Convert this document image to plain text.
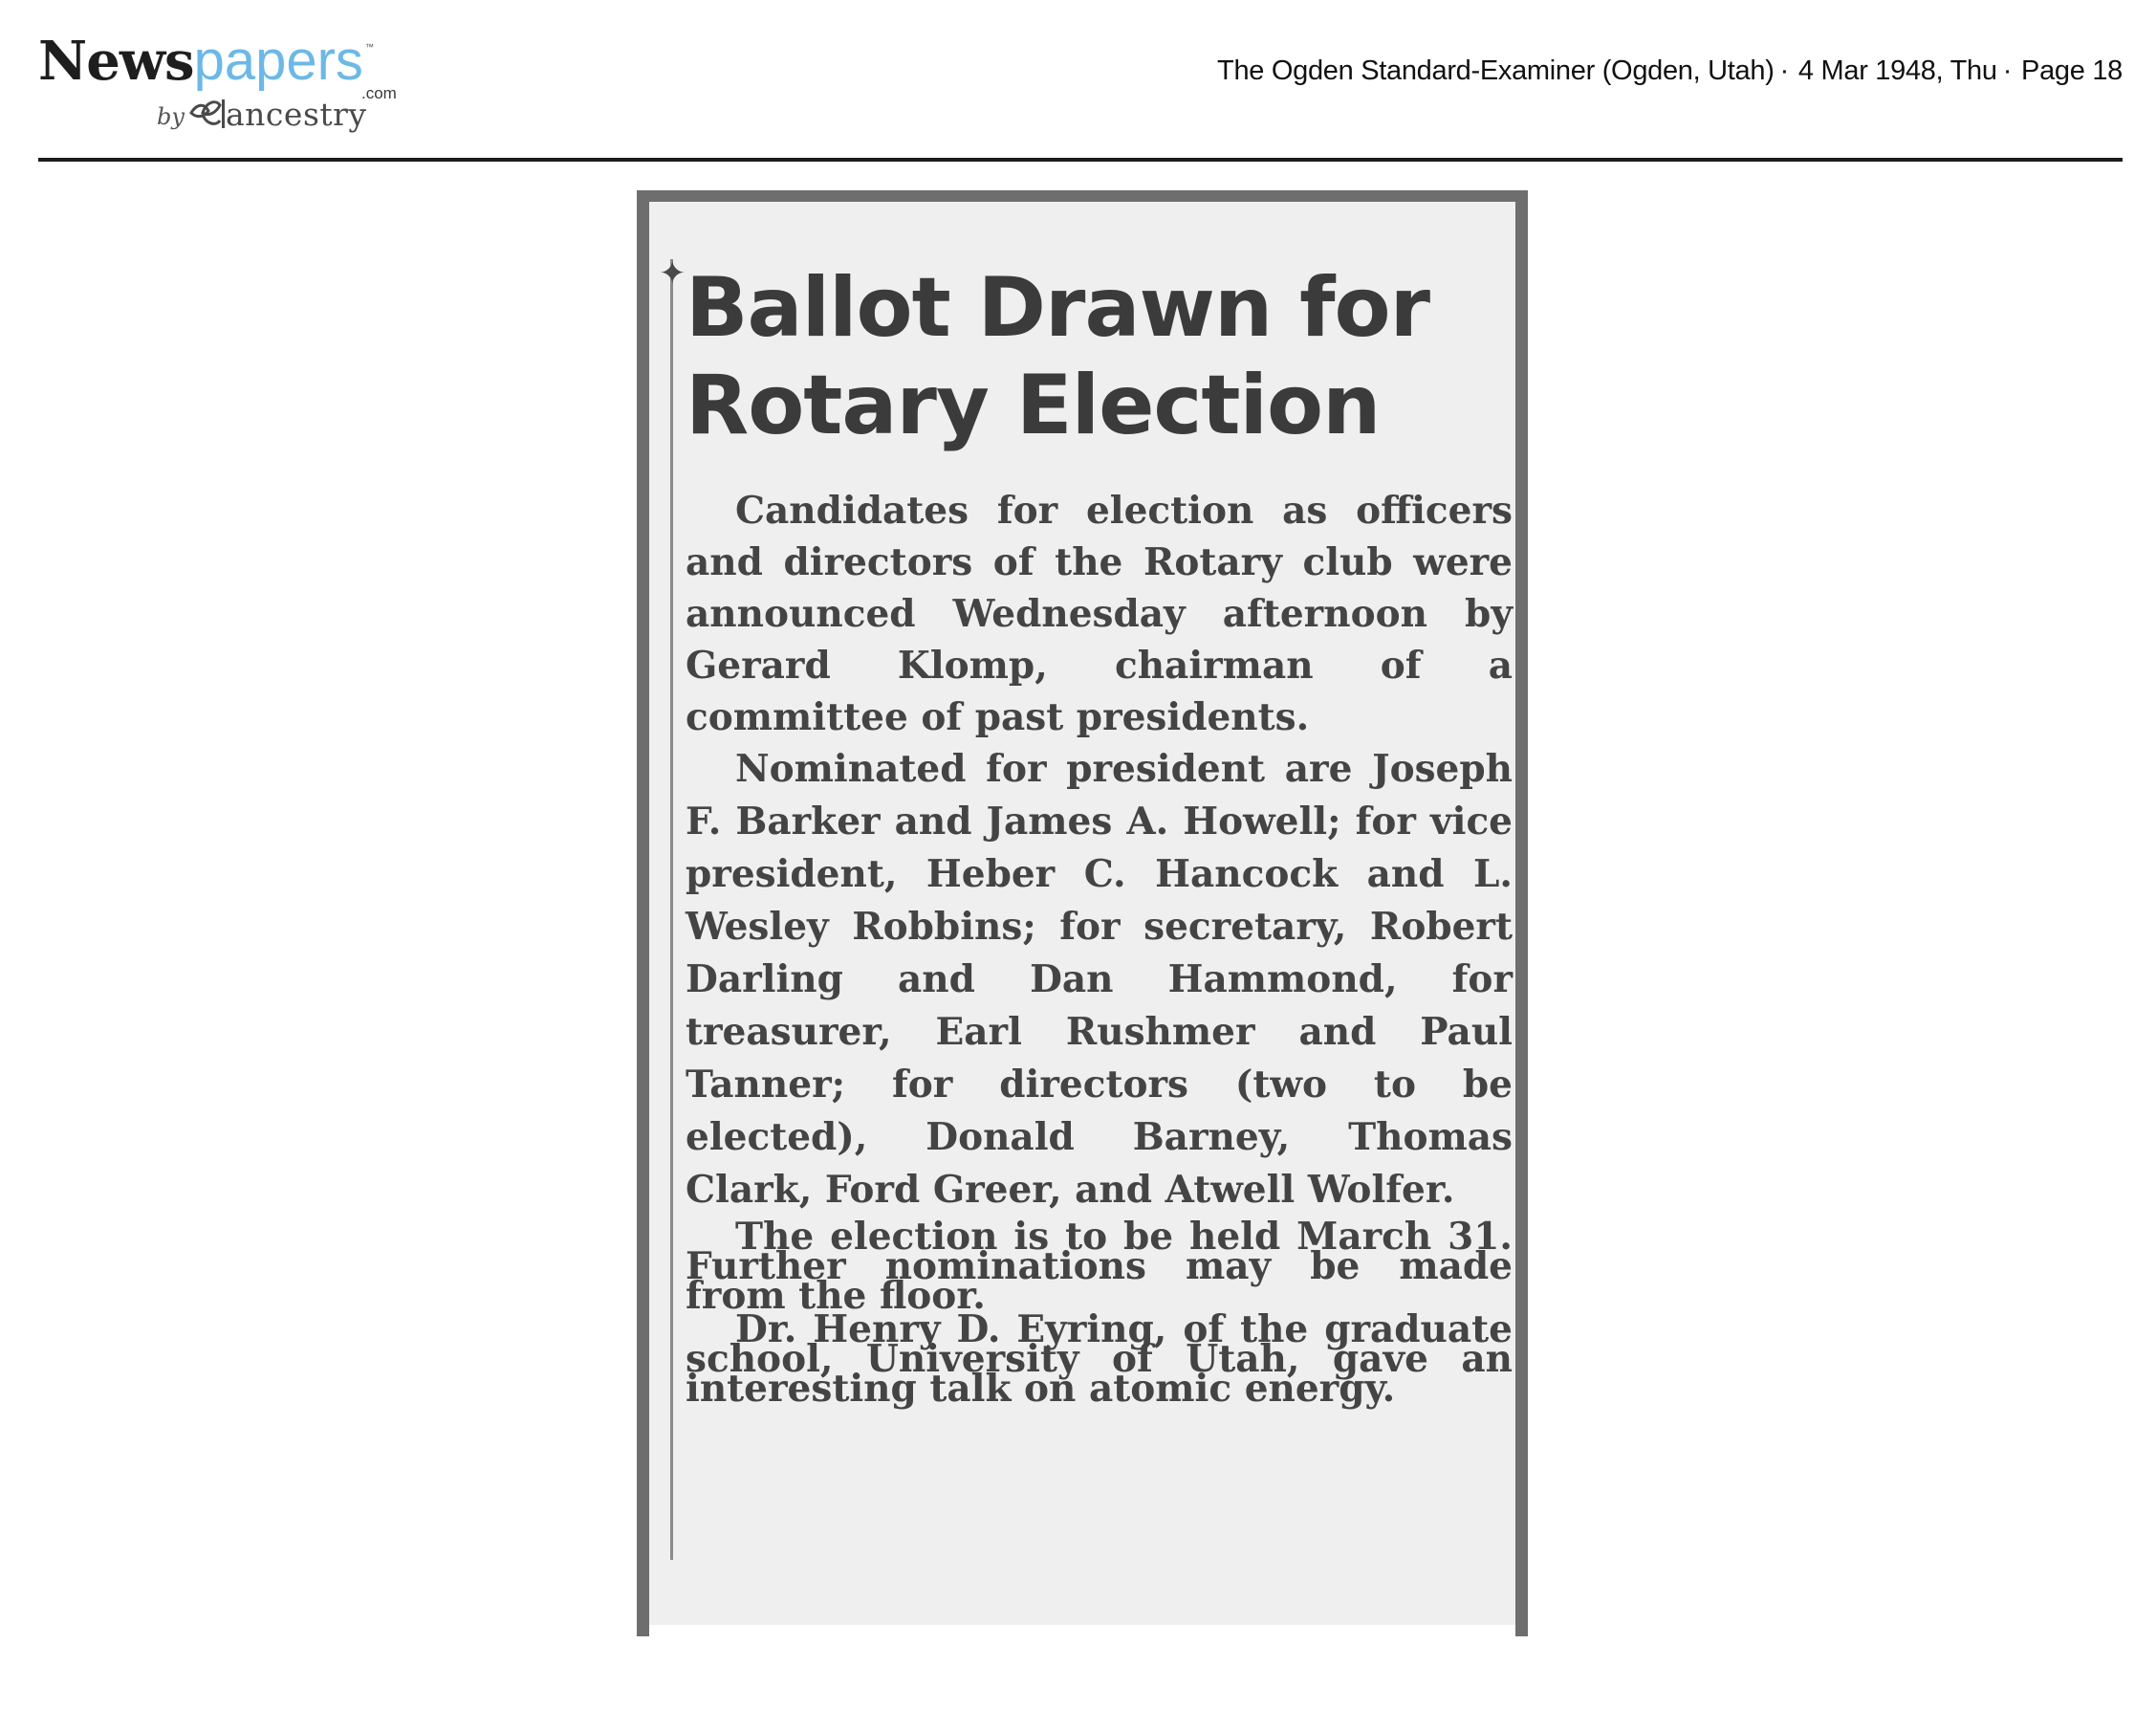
Newspapers ™
.com
by ancestry
The Ogden Standard-Examiner (Ogden, Utah) · 4 Mar 1948, Thu · Page 18
✦ Ballot Drawn for
Rotary Election

Candidates for election as officers and directors of the Rotary club were announced Wednesday afternoon by Gerard Klomp, chairman of a committee of past presidents.

Nominated for president are Joseph F. Barker and James A. Howell; for vice president, Heber C. Hancock and L. Wesley Robbins; for secretary, Robert Darling and Dan Hammond, for treasurer, Earl Rushmer and Paul Tanner; for directors (two to be elected), Donald Barney, Thomas Clark, Ford Greer, and Atwell Wolfer.

The election is to be held March 31. Further nominations may be made from the floor.

Dr. Henry D. Eyring, of the graduate school, University of Utah, gave an interesting talk on atomic energy.
